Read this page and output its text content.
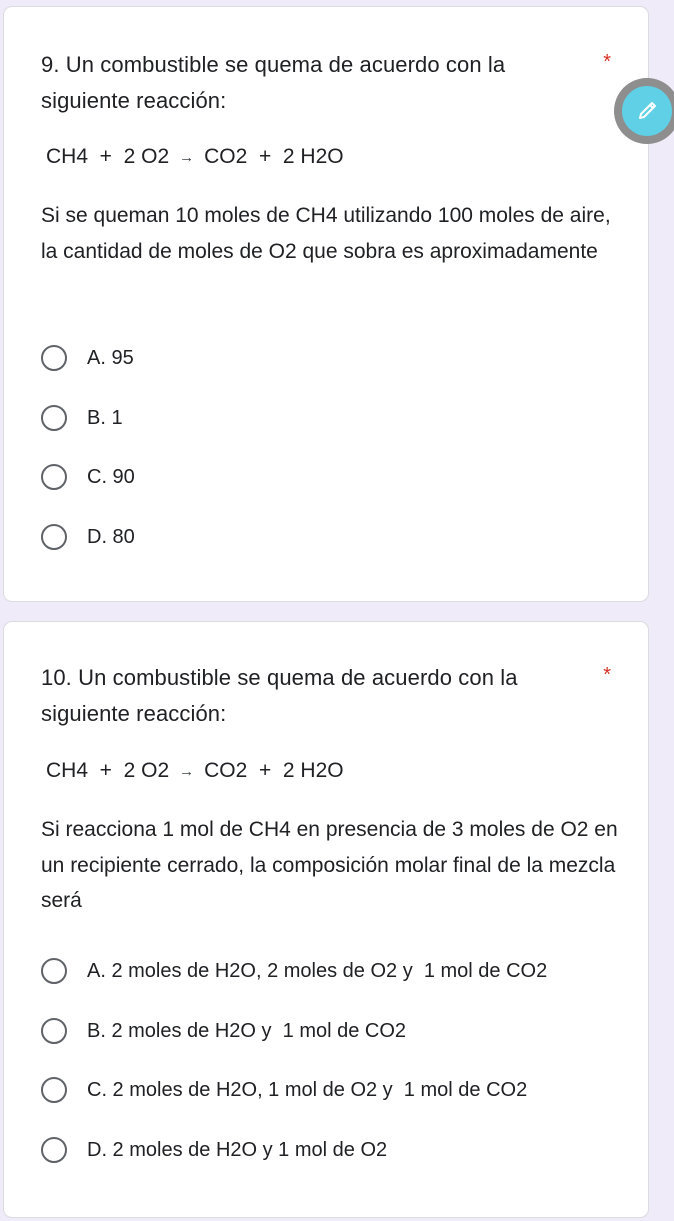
9. Un combustible se quema de acuerdo con la siguiente reacción:

*
CH4  +  2 O2 → CO2  +  2 H2O

Si se queman 10 moles de CH4 utilizando 100 moles de aire, la cantidad de moles de O2 que sobra es aproximadamente

A. 95
B. 1
C. 90
D. 80

10. Un combustible se quema de acuerdo con la siguiente reacción:

*
CH4  +  2 O2 → CO2  +  2 H2O

Si reacciona 1 mol de CH4 en presencia de 3 moles de O2 en un recipiente cerrado, la composición molar final de la mezcla será

A. 2 moles de H2O, 2 moles de O2 y  1 mol de CO2
B. 2 moles de H2O y  1 mol de CO2
C. 2 moles de H2O, 1 mol de O2 y  1 mol de CO2
D. 2 moles de H2O y 1 mol de O2
